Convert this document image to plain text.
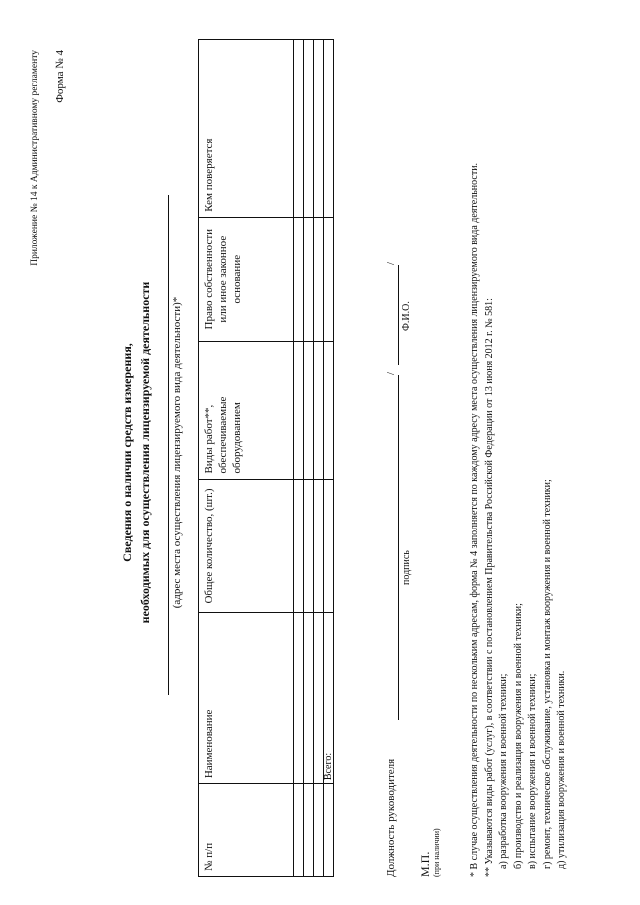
Приложение № 14 к Административному регламенту Форма № 4
Сведения о наличии средств измерения, необходимых для осуществления лицензируемой деятельности (адрес места осуществления лицензируемого вида деятельности)*
№ п/п	Наименование	Общее количество, (шт.)	Виды работ**, обеспечиваемые оборудованием	Право собственности или иное законное основание	Кем поверяется

	Всего:					Должность руководителя
/
/
подпись
Ф.И.О.
М.П. (при наличии)	* В случае осуществления деятельности по нескольким адресам, форма № 4 заполняется по каждому адресу места осуществления лицензируемого вида деятельности. ** Указываются виды работ (услуг), в соответствии с постановлением Правительства Российской Федерации от 13 июня 2012 г. № 581: а) разработка вооружения и военной техники; б) производство и реализация вооружения и военной техники; в) испытание вооружения и военной техники; г) ремонт, техническое обслуживание, установка и монтаж вооружения и военной техники; д) утилизация вооружения и военной техники.
